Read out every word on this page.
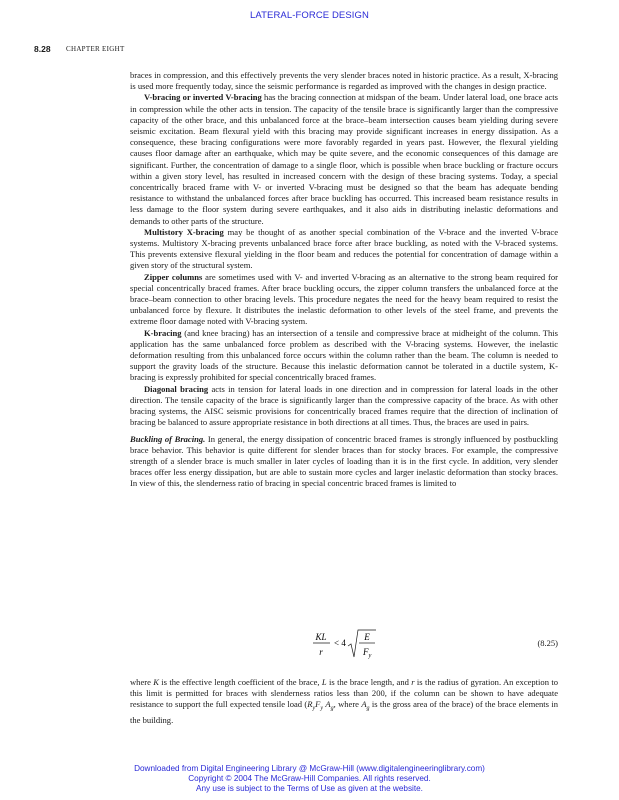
LATERAL-FORCE DESIGN
8.28 CHAPTER EIGHT

braces in compression, and this effectively prevents the very slender braces noted in historic practice. As a result, X-bracing is used more frequently today, since the seismic performance is regarded as improved with the changes in design practice.

V-bracing or inverted V-bracing has the bracing connection at midspan of the beam. Under lateral load, one brace acts in compression while the other acts in tension. The capacity of the tensile brace is significantly larger than the compressive capacity of the other brace, and this unbalanced force at the brace–beam intersection causes beam yielding during severe seismic excitation. Beam flexural yield with this bracing may provide significant increases in energy dissipation. As a consequence, these bracing configurations were more favorably regarded in years past. However, the flexural yielding causes floor damage after an earthquake, which may be quite severe, and the economic consequences of this damage are significant. Further, the concentration of damage to a single floor, which is possible when brace buckling or fracture occurs within a given story level, has resulted in increased concern with the design of these bracing systems. Today, a special concentrically braced frame with V- or inverted V-bracing must be designed so that the beam has adequate bending resistance to withstand the unbalanced forces after brace buckling has occurred. This increased beam resistance results in less damage to the floor system during severe earthquakes, and it also aids in distributing inelastic deformations and demands to other parts of the structure.

Multistory X-bracing may be thought of as another special combination of the V-brace and the inverted V-brace systems. Multistory X-bracing prevents unbalanced brace force after brace buckling, as noted with the V-braced systems. This prevents extensive flexural yielding in the floor beam and reduces the potential for concentration of damage within a given story of the structural system.

Zipper columns are sometimes used with V- and inverted V-bracing as an alternative to the strong beam required for special concentrically braced frames. After brace buckling occurs, the zipper column transfers the unbalanced force at the brace–beam connection to other bracing levels. This procedure negates the need for the heavy beam required to resist the unbalanced force by flexure. It distributes the inelastic deformation to other levels of the steel frame, and prevents the extreme floor damage noted with V-bracing system.

K-bracing (and knee bracing) has an intersection of a tensile and compressive brace at midheight of the column. This application has the same unbalanced force problem as described with the V-bracing systems. However, the inelastic deformation resulting from this unbalanced force occurs within the column rather than the beam. The column is needed to support the gravity loads of the structure. Because this inelastic deformation cannot be tolerated in a ductile system, K-bracing is expressly prohibited for special concentrically braced frames.

Diagonal bracing acts in tension for lateral loads in one direction and in compression for lateral loads in the other direction. The tensile capacity of the brace is significantly larger than the compressive capacity of the brace. As with other bracing systems, the AISC seismic provisions for concentrically braced frames require that the direction of inclination of bracing be balanced to assure appropriate resistance in both directions at all times. Thus, the braces are used in pairs.

Buckling of Bracing. In general, the energy dissipation of concentric braced frames is strongly influenced by postbuckling brace behavior. This behavior is quite different for slender braces than for stocky braces. For example, the compressive strength of a slender brace is much smaller in later cycles of loading than it is in the first cycle. In addition, very slender braces offer less energy dissipation, but are able to sustain more cycles and larger inelastic deformation than stocky braces. In view of this, the slenderness ratio of bracing in special concentric braced frames is limited to

KL
r
< 4
E
$F_y$
(8.25)

where K is the effective length coefficient of the brace, L is the brace length, and r is the radius of gyration. An exception to this limit is permitted for braces with slenderness ratios less than 200, if the column can be shown to have adequate resistance to support the full expected tensile load ($R_yF_y$ $A_g$, where $A_g$ is the gross area of the brace) of the brace elements in the building.

Downloaded from Digital Engineering Library @ McGraw-Hill (www.digitalengineeringlibrary.com)
Copyright © 2004 The McGraw-Hill Companies. All rights reserved.
Any use is subject to the Terms of Use as given at the website.
